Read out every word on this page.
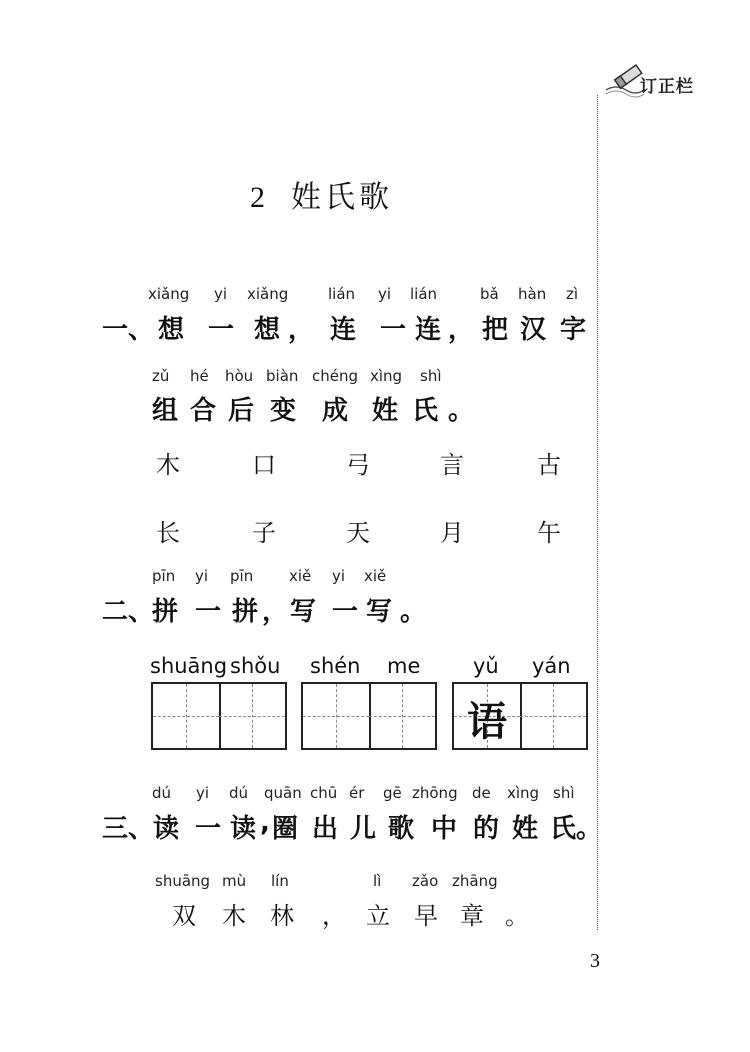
订正栏
2 姓氏歌
xiǎng yi xiǎng	lián yi lián	bǎ hàn zì
一、 想 一 想 ， 连 一 连 ， 把 汉 字
zǔ hé hòu biàn chéng xìng shì
组 合 后 变 成 姓 氏 。
木	口	弓	言	古
长	子	天	月	午
pīn yi pīn xiě yi xiě
二、
拼 一 拼 ， 写 一 写 。
shuāng shǒu shén me	yǔ yán
语
dú yi dú quān chū ér gē zhōng de xìng shì
三、
读 一 读 , 圈 出 儿 歌 中 的 姓 氏 。
shuāng mù lín	lì zǎo zhāng
双 木 林 ， 立 早 章 。
3
